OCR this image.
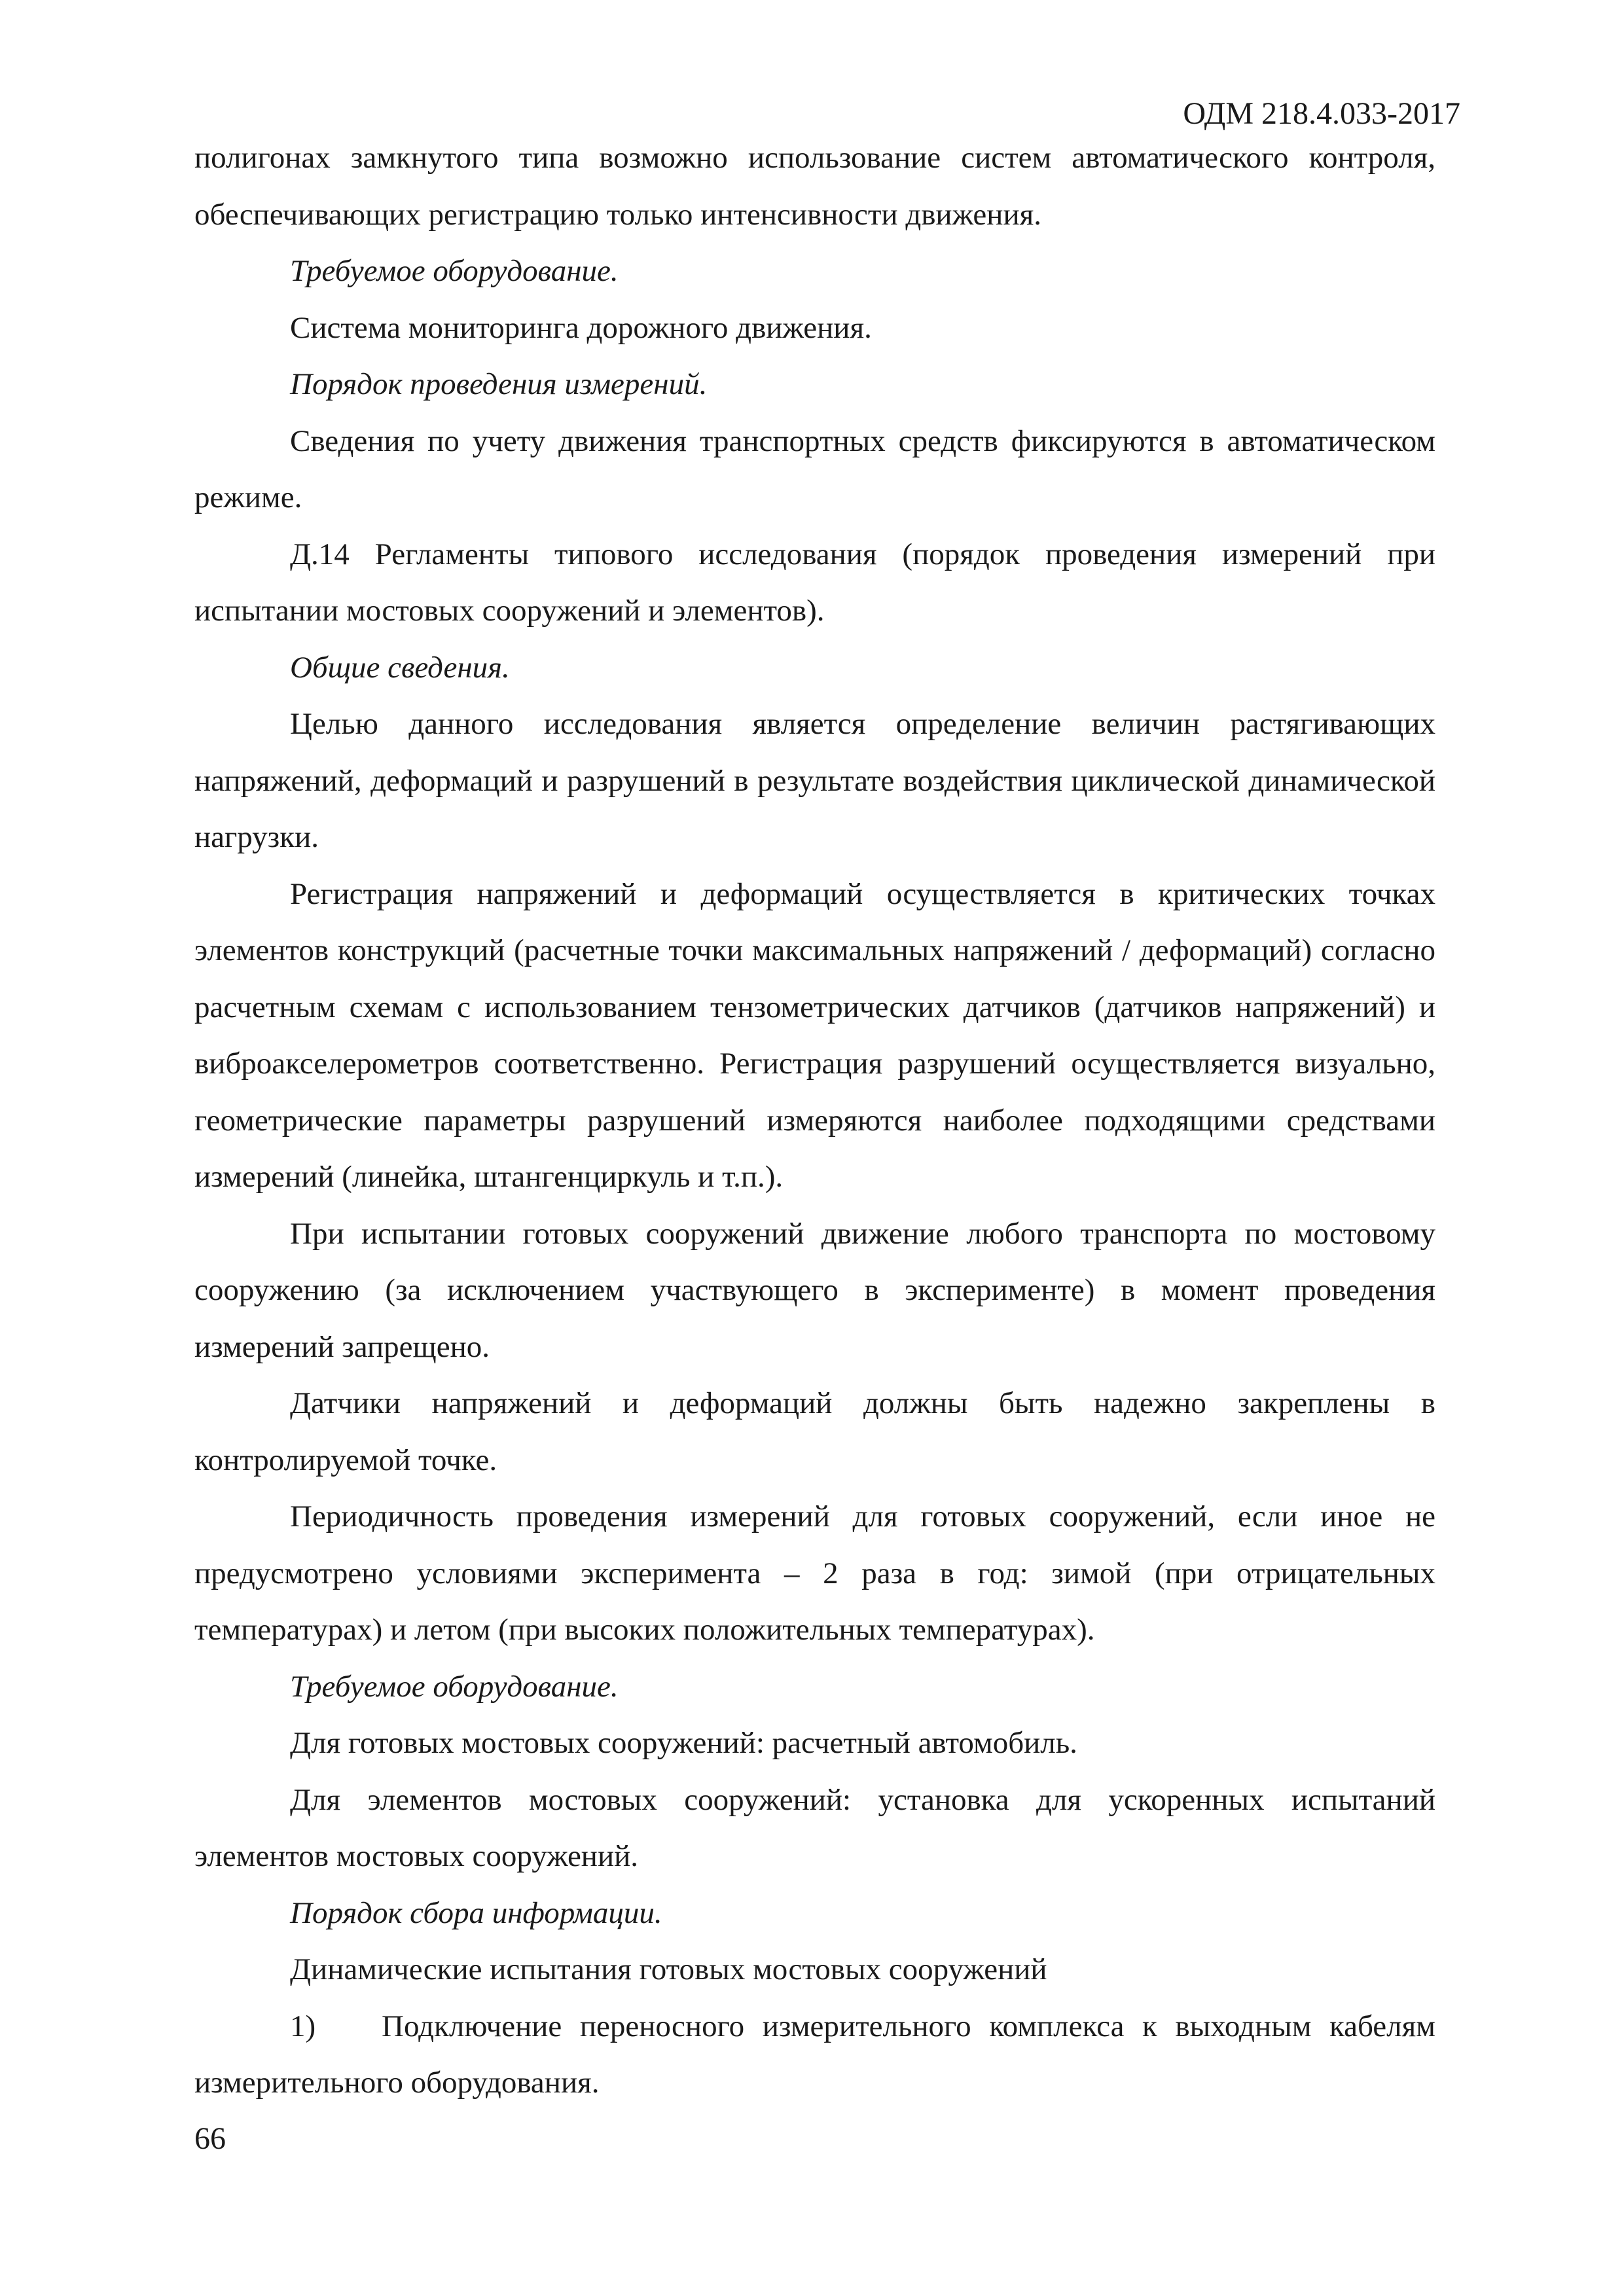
ОДМ 218.4.033-2017

полигонах замкнутого типа возможно использование систем автоматического контроля, обеспечивающих регистрацию только интенсивности движения.

Требуемое оборудование.

Система мониторинга дорожного движения.

Порядок проведения измерений.

Сведения по учету движения транспортных средств фиксируются в автоматическом режиме.

Д.14 Регламенты типового исследования (порядок проведения измерений при испытании мостовых сооружений и элементов).

Общие сведения.

Целью данного исследования является определение величин растягивающих напряжений, деформаций и разрушений в результате воздействия циклической динамической нагрузки.

Регистрация напряжений и деформаций осуществляется в критических точках элементов конструкций (расчетные точки максимальных напряжений / деформаций) согласно расчетным схемам с использованием тензометрических датчиков (датчиков напряжений) и виброакселерометров соответственно. Регистрация разрушений осуществляется визуально, геометрические параметры разрушений измеряются наиболее подходящими средствами измерений (линейка, штангенциркуль и т.п.).

При испытании готовых сооружений движение любого транспорта по мостовому сооружению (за исключением участвующего в эксперименте) в момент проведения измерений запрещено.

Датчики напряжений и деформаций должны быть надежно закреплены в контролируемой точке.

Периодичность проведения измерений для готовых сооружений, если иное не предусмотрено условиями эксперимента – 2 раза в год: зимой (при отрицательных температурах) и летом (при высоких положительных температурах).

Требуемое оборудование.

Для готовых мостовых сооружений: расчетный автомобиль.

Для элементов мостовых сооружений: установка для ускоренных испытаний элементов мостовых сооружений.

Порядок сбора информации.

Динамические испытания готовых мостовых сооружений

1) Подключение переносного измерительного комплекса к выходным кабелям измерительного оборудования.

66
